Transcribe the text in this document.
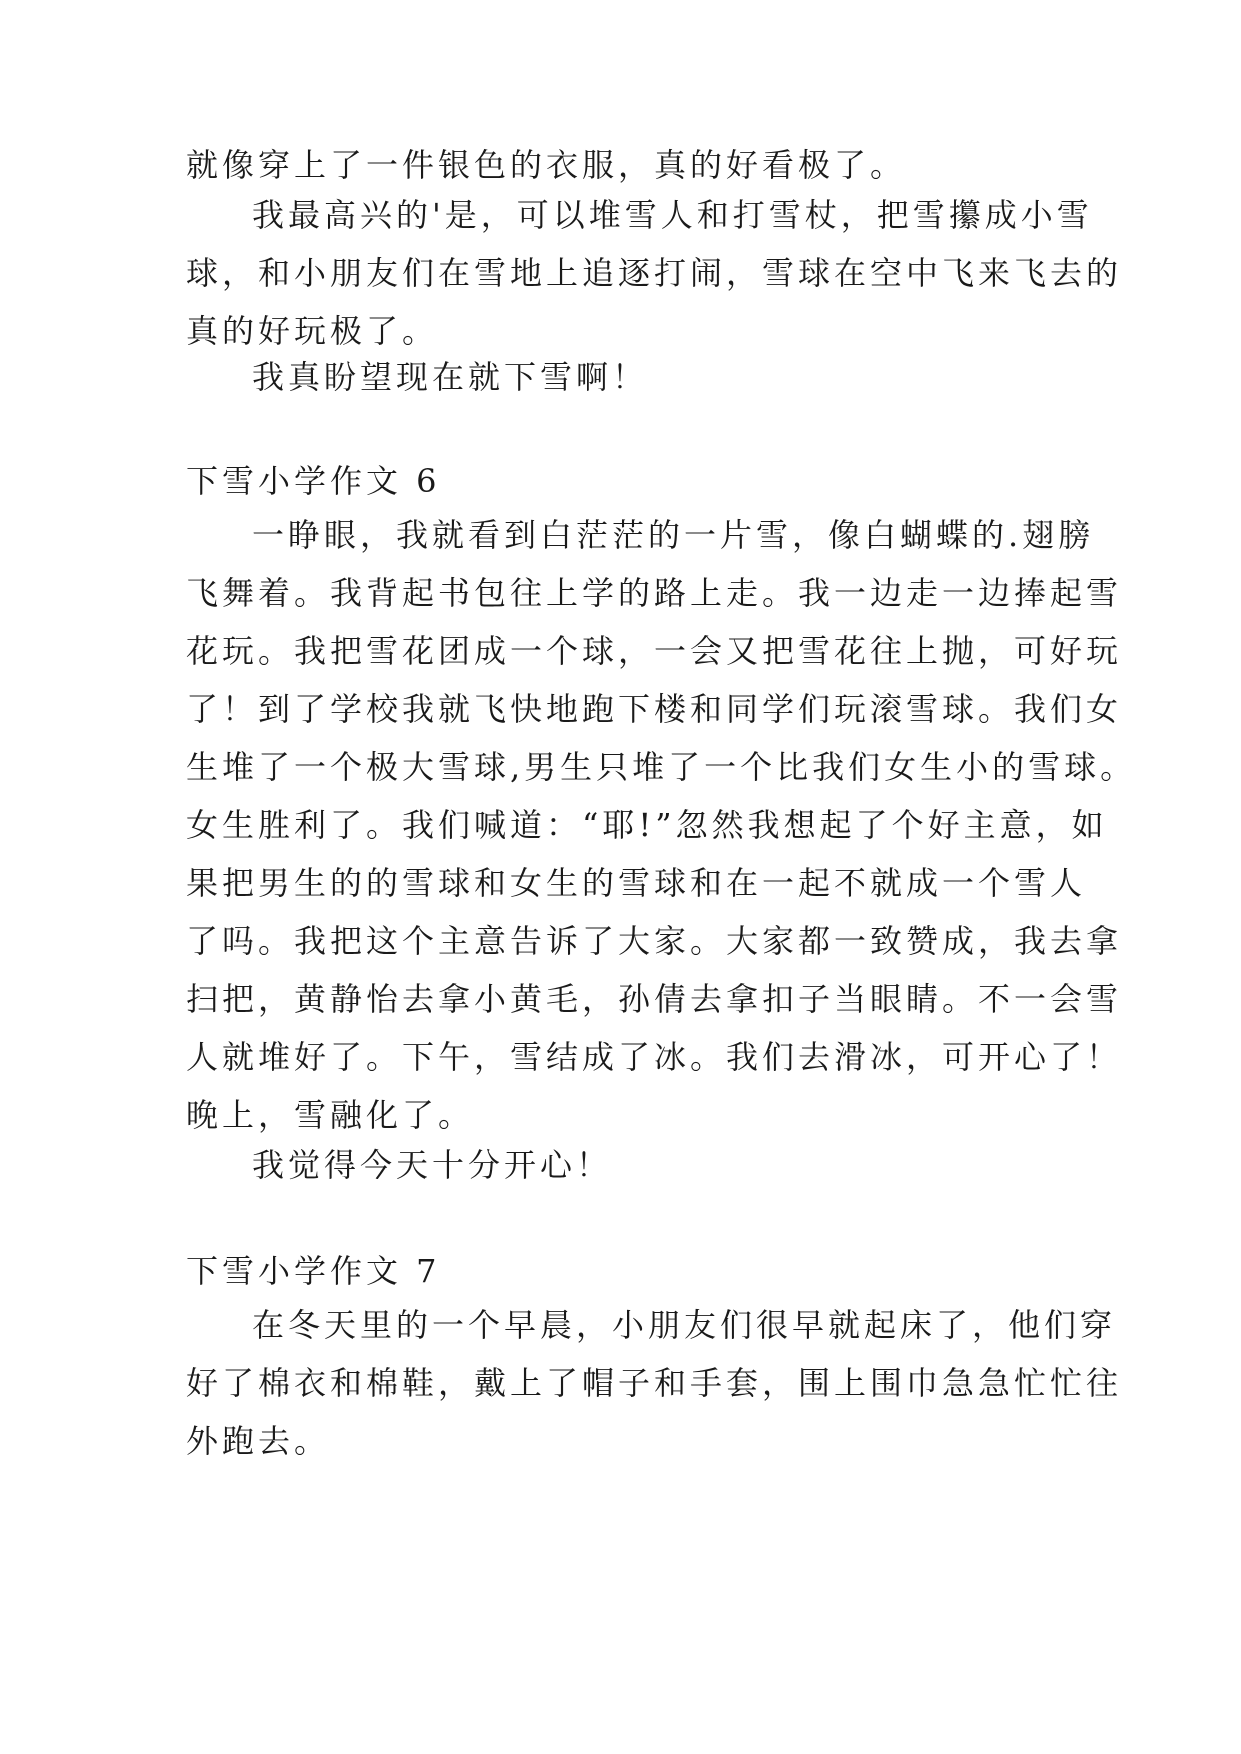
就像穿上了一件银色的衣服，真的好看极了。
我最高兴的'是，可以堆雪人和打雪杖，把雪攥成小雪
球，和小朋友们在雪地上追逐打闹，雪球在空中飞来飞去的
真的好玩极了。
我真盼望现在就下雪啊！
下雪小学作文 6
一睁眼，我就看到白茫茫的一片雪，像白蝴蝶的.翅膀
飞舞着。我背起书包往上学的路上走。我一边走一边捧起雪
花玩。我把雪花团成一个球，一会又把雪花往上抛，可好玩
了！到了学校我就飞快地跑下楼和同学们玩滚雪球。我们女
生堆了一个极大雪球,男生只堆了一个比我们女生小的雪球。
女生胜利了。我们喊道：“耶!”忽然我想起了个好主意，如
果把男生的的雪球和女生的雪球和在一起不就成一个雪人
了吗。我把这个主意告诉了大家。大家都一致赞成，我去拿
扫把，黄静怡去拿小黄毛，孙倩去拿扣子当眼睛。不一会雪
人就堆好了。下午，雪结成了冰。我们去滑冰，可开心了！
晚上，雪融化了。
我觉得今天十分开心！
下雪小学作文 7
在冬天里的一个早晨，小朋友们很早就起床了，他们穿
好了棉衣和棉鞋，戴上了帽子和手套，围上围巾急急忙忙往
外跑去。
